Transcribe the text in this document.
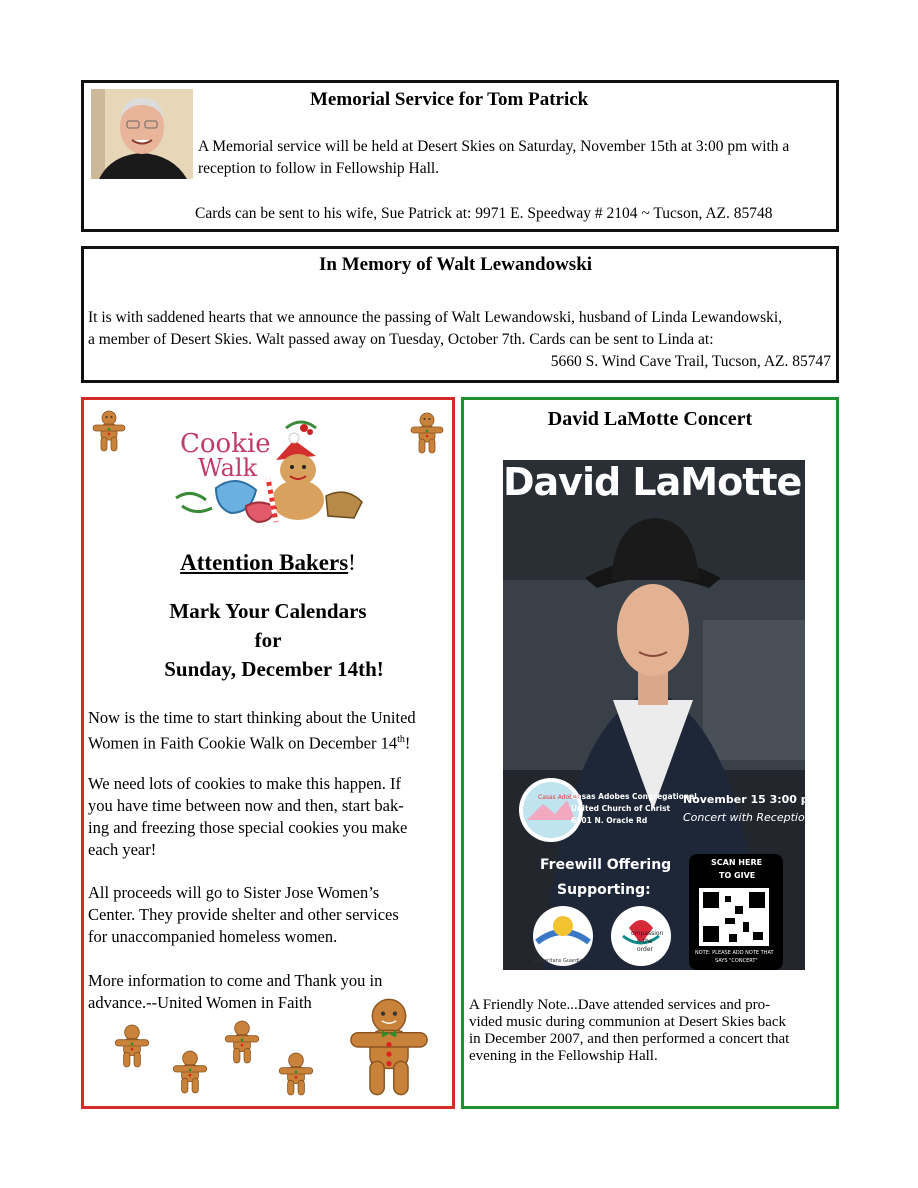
Memorial Service for Tom Patrick
A Memorial service will be held at Desert Skies on Saturday, November 15th at 3:00 pm with a
reception to follow in Fellowship Hall.
Cards can be sent to his wife, Sue Patrick at: 9971 E. Speedway # 2104 ~ Tucson, AZ. 85748
In Memory of Walt Lewandowski
It is with saddened hearts that we announce the passing of Walt Lewandowski, husband of Linda Lewandowski,
a member of Desert Skies. Walt passed away on Tuesday, October 7th. Cards can be sent to Linda at:
5660 S. Wind Cave Trail, Tucson, AZ. 85747
Cookie
Walk
Attention Bakers!
Mark Your Calendars
for
Sunday, December 14th!
Now is the time to start thinking about the United
Women in Faith Cookie Walk on December 14th!
We need lots of cookies to make this happen. If
you have time between now and then, start bak-
ing and freezing those special cookies you make
each year!
All proceeds will go to Sister Jose Women’s
Center. They provide shelter and other services
for unaccompanied homeless women.
More information to come and Thank you in
advance.--United Women in Faith
David LaMotte Concert
David LaMotte
Casas Adobes
Casas Adobes Congregational
United Church of Christ
6801 N. Oracle Rd
November 15 3:00 pm
Concert with Reception
Freewill Offering
Supporting:
SCAN HERE
TO GIVE
NOTE: PLEASE ADD NOTE THAT
SAYS "CONCERT"
Samaritans Guardians
ompassion
n the
order
A Friendly Note...Dave attended services and pro-
vided music during communion at Desert Skies back
in December 2007, and then performed a concert that
evening in the Fellowship Hall.
